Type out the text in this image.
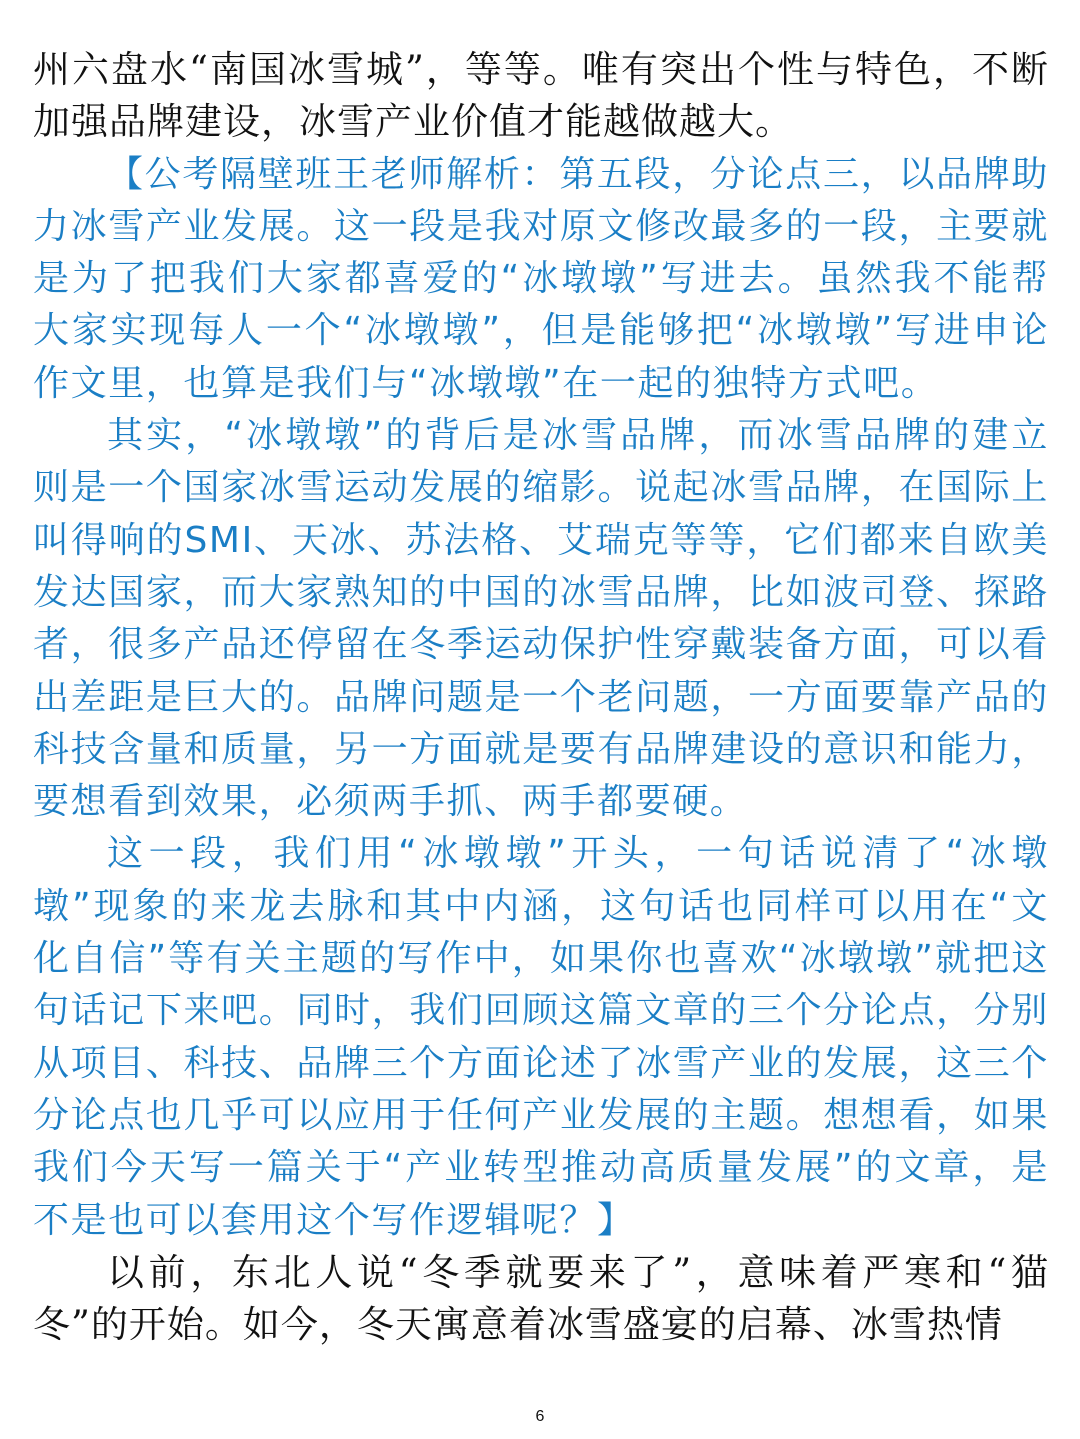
州六盘水“南国冰雪城”，等等。唯有突出个性与特色，不断加强品牌建设，冰雪产业价值才能越做越大。

【公考隔壁班王老师解析：第五段，分论点三，以品牌助力冰雪产业发展。这一段是我对原文修改最多的一段，主要就是为了把我们大家都喜爱的“冰墩墩”写进去。虽然我不能帮大家实现每人一个“冰墩墩”，但是能够把“冰墩墩”写进申论作文里，也算是我们与“冰墩墩”在一起的独特方式吧。

其实，“冰墩墩”的背后是冰雪品牌，而冰雪品牌的建立则是一个国家冰雪运动发展的缩影。说起冰雪品牌，在国际上叫得响的SMI、天冰、苏法格、艾瑞克等等，它们都来自欧美发达国家，而大家熟知的中国的冰雪品牌，比如波司登、探路者，很多产品还停留在冬季运动保护性穿戴装备方面，可以看出差距是巨大的。品牌问题是一个老问题，一方面要靠产品的科技含量和质量，另一方面就是要有品牌建设的意识和能力，要想看到效果，必须两手抓、两手都要硬。

这一段，我们用“冰墩墩”开头，一句话说清了“冰墩墩”现象的来龙去脉和其中内涵，这句话也同样可以用在“文化自信”等有关主题的写作中，如果你也喜欢“冰墩墩”就把这句话记下来吧。同时，我们回顾这篇文章的三个分论点，分别从项目、科技、品牌三个方面论述了冰雪产业的发展，这三个分论点也几乎可以应用于任何产业发展的主题。想想看，如果我们今天写一篇关于“产业转型推动高质量发展”的文章，是不是也可以套用这个写作逻辑呢？】

以前，东北人说“冬季就要来了”，意味着严寒和“猫冬”的开始。如今，冬天寓意着冰雪盛宴的启幕、冰雪热情

6
